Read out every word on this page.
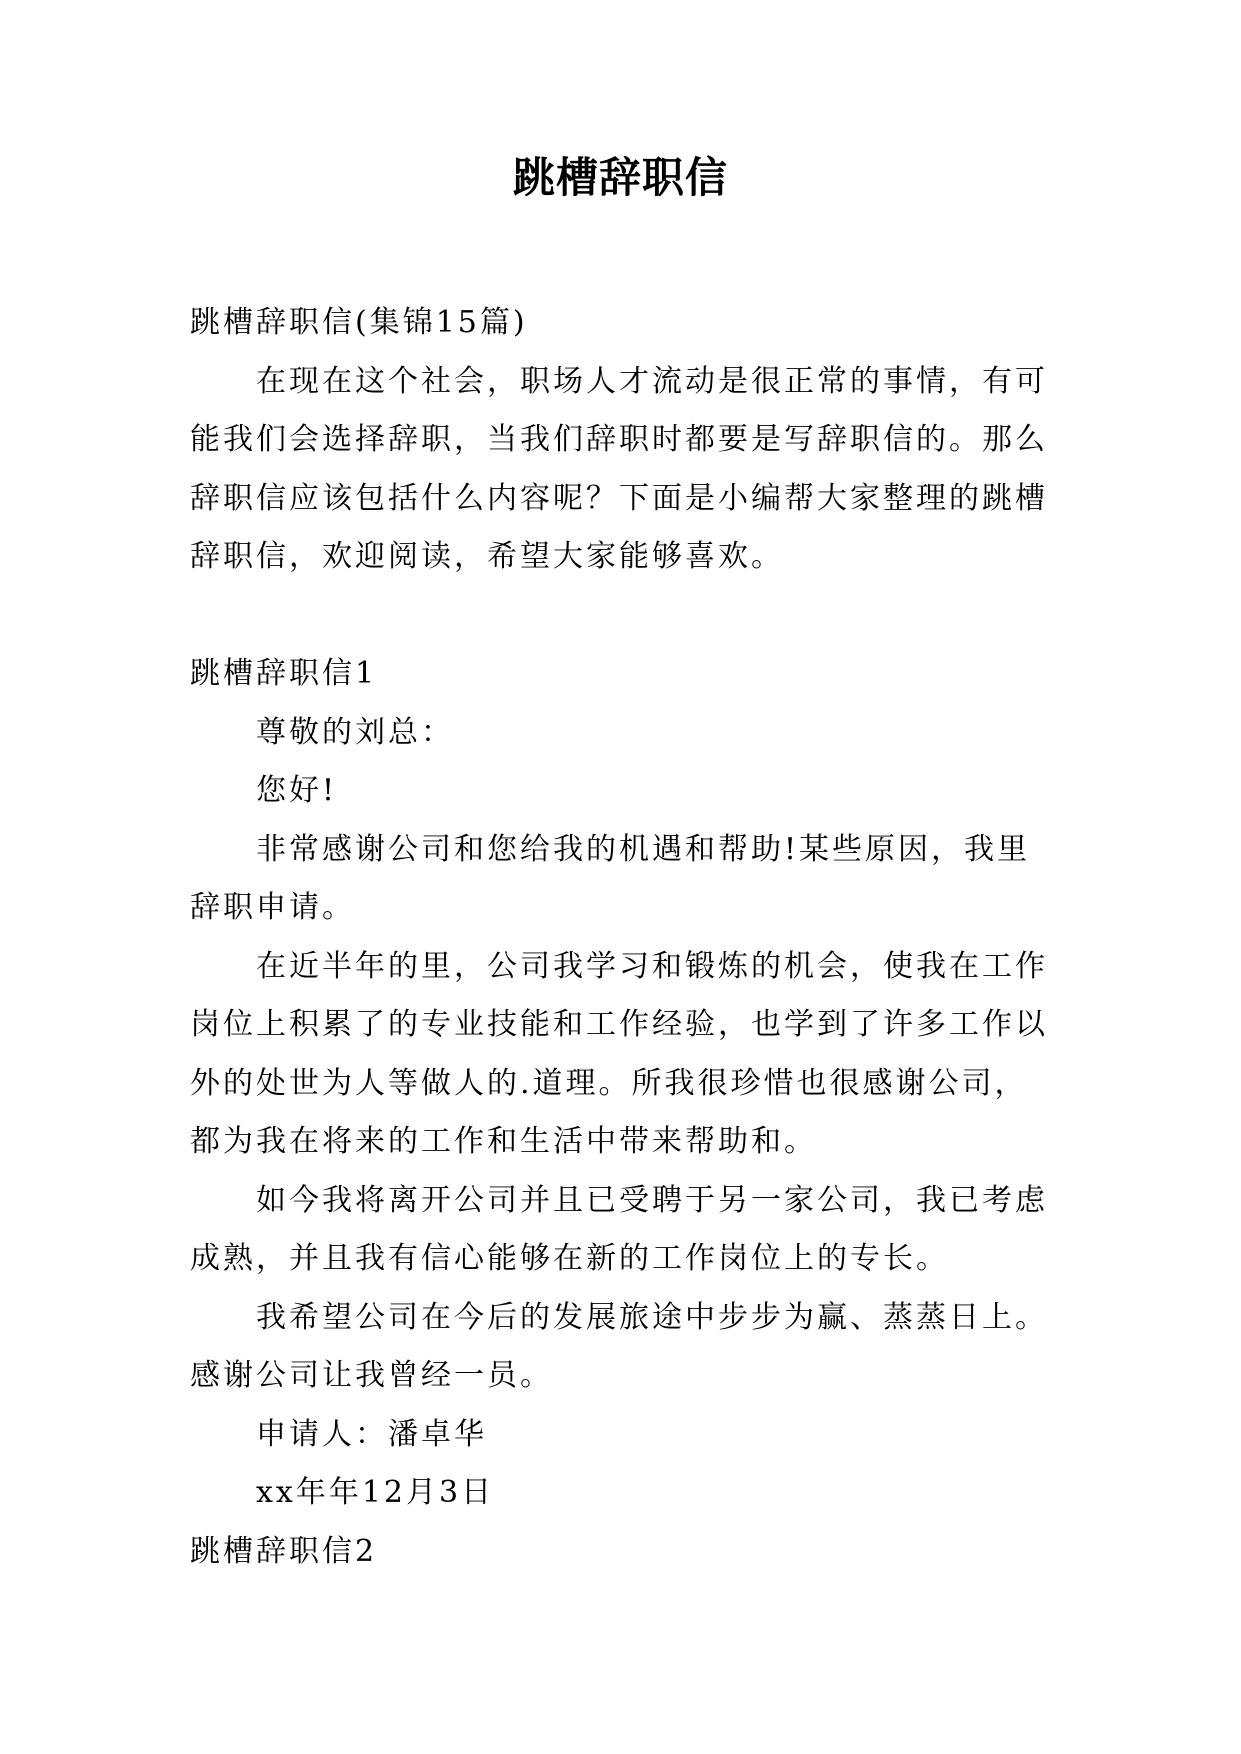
跳槽辞职信

跳槽辞职信(集锦15篇)

在现在这个社会，职场人才流动是很正常的事情，有可能我们会选择辞职，当我们辞职时都要是写辞职信的。那么辞职信应该包括什么内容呢？下面是小编帮大家整理的跳槽辞职信，欢迎阅读，希望大家能够喜欢。

跳槽辞职信1

尊敬的刘总：

您好!

非常感谢公司和您给我的机遇和帮助!某些原因，我里辞职申请。

在近半年的里，公司我学习和锻炼的机会，使我在工作岗位上积累了的专业技能和工作经验，也学到了许多工作以外的处世为人等做人的.道理。所我很珍惜也很感谢公司，都为我在将来的工作和生活中带来帮助和。

如今我将离开公司并且已受聘于另一家公司，我已考虑成熟，并且我有信心能够在新的工作岗位上的专长。

我希望公司在今后的发展旅途中步步为赢、蒸蒸日上。感谢公司让我曾经一员。

申请人：潘卓华

xx年年12月3日

跳槽辞职信2
